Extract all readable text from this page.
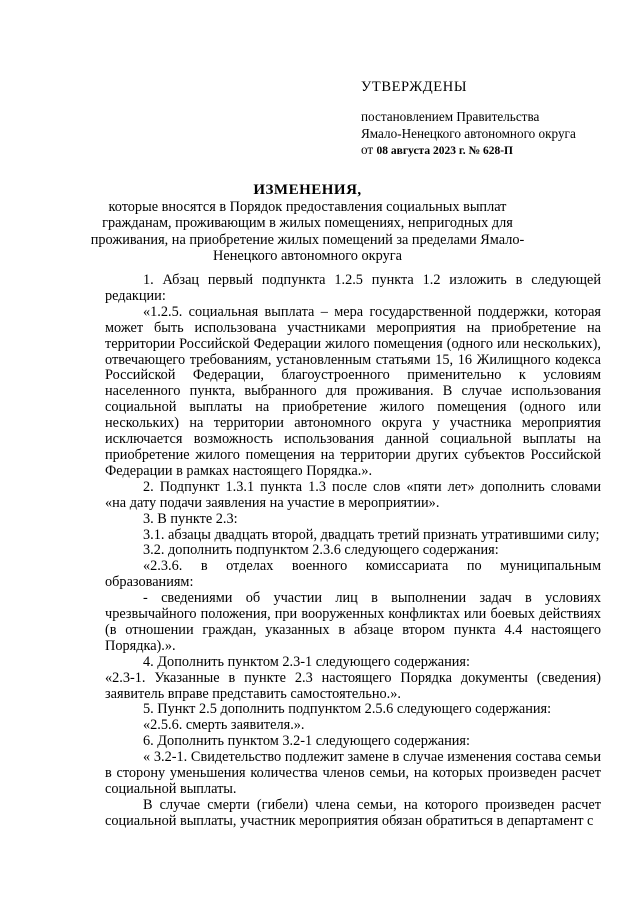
УТВЕРЖДЕНЫ
постановлением Правительства
Ямало-Ненецкого автономного округа
от 08 августа 2023 г. № 628-П
ИЗМЕНЕНИЯ,
которые вносятся в Порядок предоставления социальных выплат гражданам, проживающим в жилых помещениях, непригодных для проживания, на приобретение жилых помещений за пределами Ямало-Ненецкого автономного округа

1. Абзац первый подпункта 1.2.5 пункта 1.2 изложить в следующей редакции:

«1.2.5. социальная выплата – мера государственной поддержки, которая может быть использована участниками мероприятия на приобретение на территории Российской Федерации жилого помещения (одного или нескольких), отвечающего требованиям, установленным статьями 15, 16 Жилищного кодекса Российской Федерации, благоустроенного применительно к условиям населенного пункта, выбранного для проживания. В случае использования социальной выплаты на приобретение жилого помещения (одного или нескольких) на территории автономного округа у участника мероприятия исключается возможность использования данной социальной выплаты на приобретение жилого помещения на территории других субъектов Российской Федерации в рамках настоящего Порядка.».

2. Подпункт 1.3.1 пункта 1.3 после слов «пяти лет» дополнить словами «на дату подачи заявления на участие в мероприятии».

3. В пункте 2.3:

3.1. абзацы двадцать второй, двадцать третий признать утратившими силу;

3.2. дополнить подпунктом 2.3.6 следующего содержания:

«2.3.6. в отделах военного комиссариата по муниципальным образованиям:

- сведениями об участии лиц в выполнении задач в условиях чрезвычайного положения, при вооруженных конфликтах или боевых действиях (в отношении граждан, указанных в абзаце втором пункта 4.4 настоящего Порядка).».

4. Дополнить пунктом 2.3-1 следующего содержания:

«2.3-1. Указанные в пункте 2.3 настоящего Порядка документы (сведения) заявитель вправе представить самостоятельно.».

5. Пункт 2.5 дополнить подпунктом 2.5.6 следующего содержания:

«2.5.6. смерть заявителя.».

6. Дополнить пунктом 3.2-1 следующего содержания:

« 3.2-1. Свидетельство подлежит замене в случае изменения состава семьи в сторону уменьшения количества членов семьи, на которых произведен расчет социальной выплаты.

В случае смерти (гибели) члена семьи, на которого произведен расчет социальной выплаты, участник мероприятия обязан обратиться в департамент с
